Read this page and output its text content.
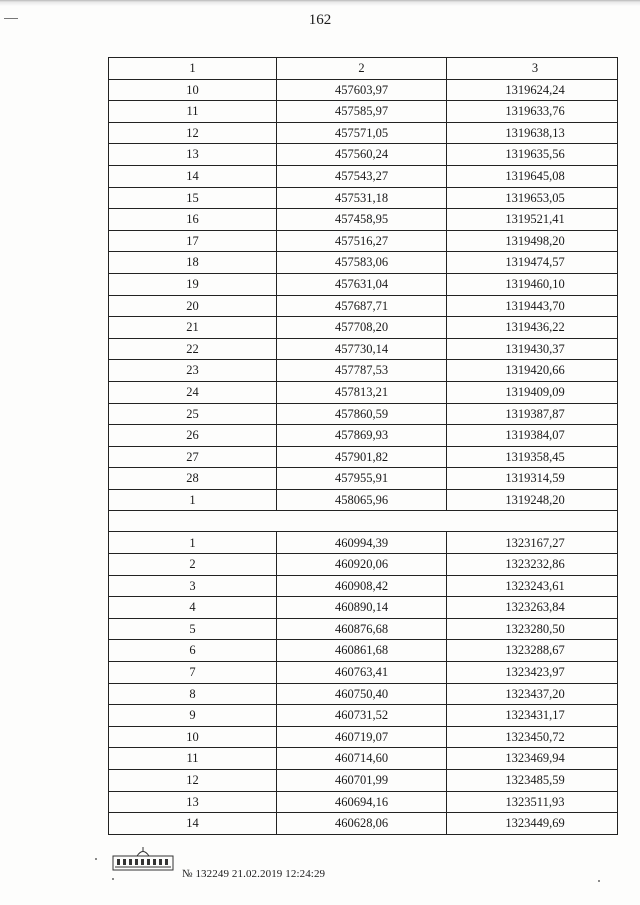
162
1	2	3
10	457603,97	1319624,24
11	457585,97	1319633,76
12	457571,05	1319638,13
13	457560,24	1319635,56
14	457543,27	1319645,08
15	457531,18	1319653,05
16	457458,95	1319521,41
17	457516,27	1319498,20
18	457583,06	1319474,57
19	457631,04	1319460,10
20	457687,71	1319443,70
21	457708,20	1319436,22
22	457730,14	1319430,37
23	457787,53	1319420,66
24	457813,21	1319409,09
25	457860,59	1319387,87
26	457869,93	1319384,07
27	457901,82	1319358,45
28	457955,91	1319314,59
1	458065,96	1319248,20

1	460994,39	1323167,27
2	460920,06	1323232,86
3	460908,42	1323243,61
4	460890,14	1323263,84
5	460876,68	1323280,50
6	460861,68	1323288,67
7	460763,41	1323423,97
8	460750,40	1323437,20
9	460731,52	1323431,17
10	460719,07	1323450,72
11	460714,60	1323469,94
12	460701,99	1323485,59
13	460694,16	1323511,93
14	460628,06	1323449,69
№ 132249 21.02.2019 12:24:29
